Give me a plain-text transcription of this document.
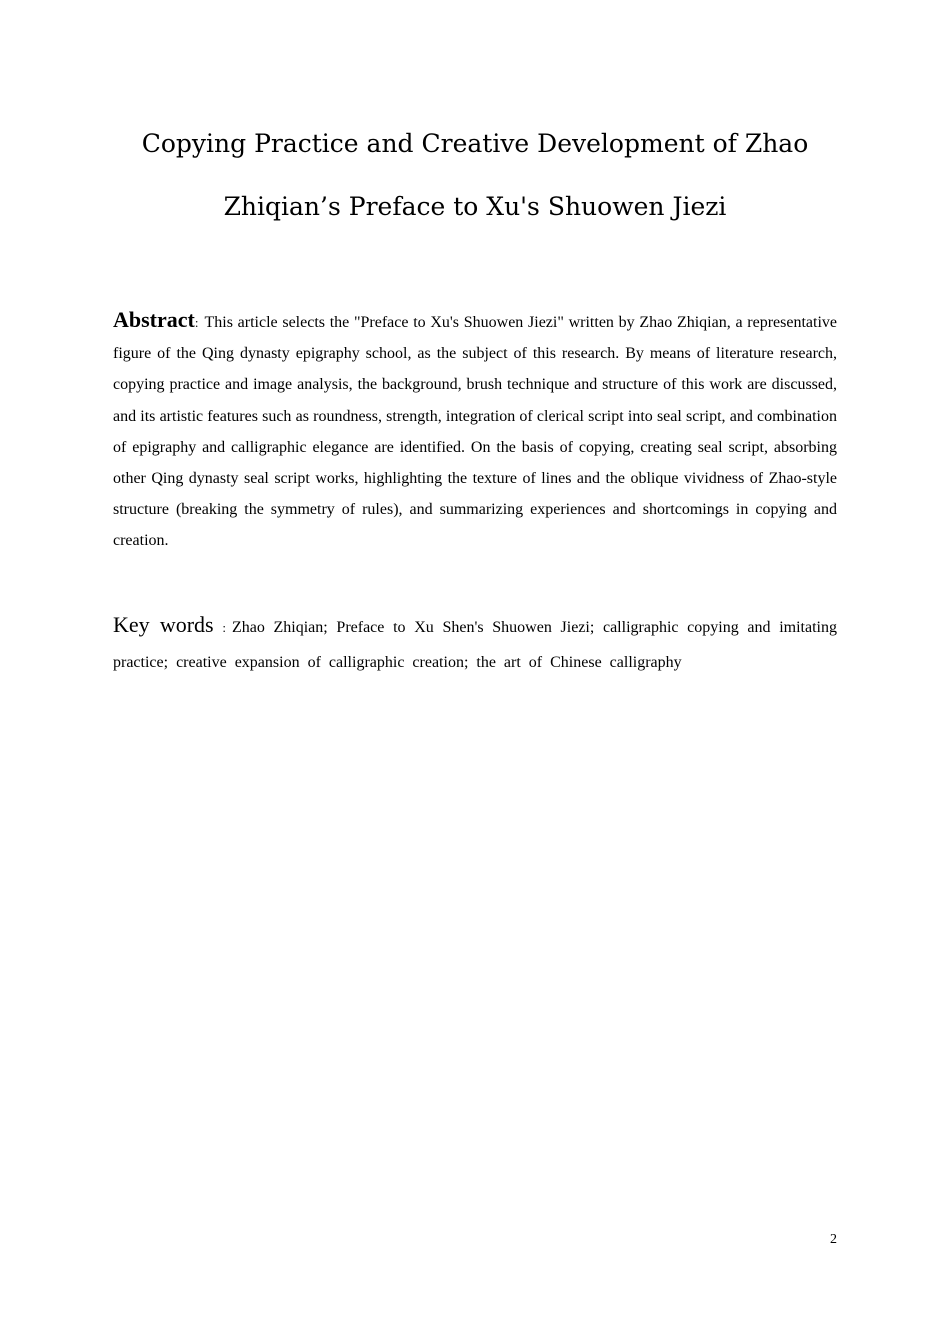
Copying Practice and Creative Development of Zhao
Zhiqian’s Preface to Xu's Shuowen Jiezi

Abstract: This article selects the "Preface to Xu's Shuowen Jiezi" written by Zhao Zhiqian, a representative figure of the Qing dynasty epigraphy school, as the subject of this research. By means of literature research, copying practice and image analysis, the background, brush technique and structure of this work are discussed, and its artistic features such as roundness, strength, integration of clerical script into seal script, and combination of epigraphy and calligraphic elegance are identified. On the basis of copying, creating seal script, absorbing other Qing dynasty seal script works, highlighting the texture of lines and the oblique vividness of Zhao-style structure (breaking the symmetry of rules), and summarizing experiences and shortcomings in copying and creation.

Key words : Zhao Zhiqian; Preface to Xu Shen's Shuowen Jiezi; calligraphic copying and imitating practice; creative expansion of calligraphic creation; the art of Chinese calligraphy

2
